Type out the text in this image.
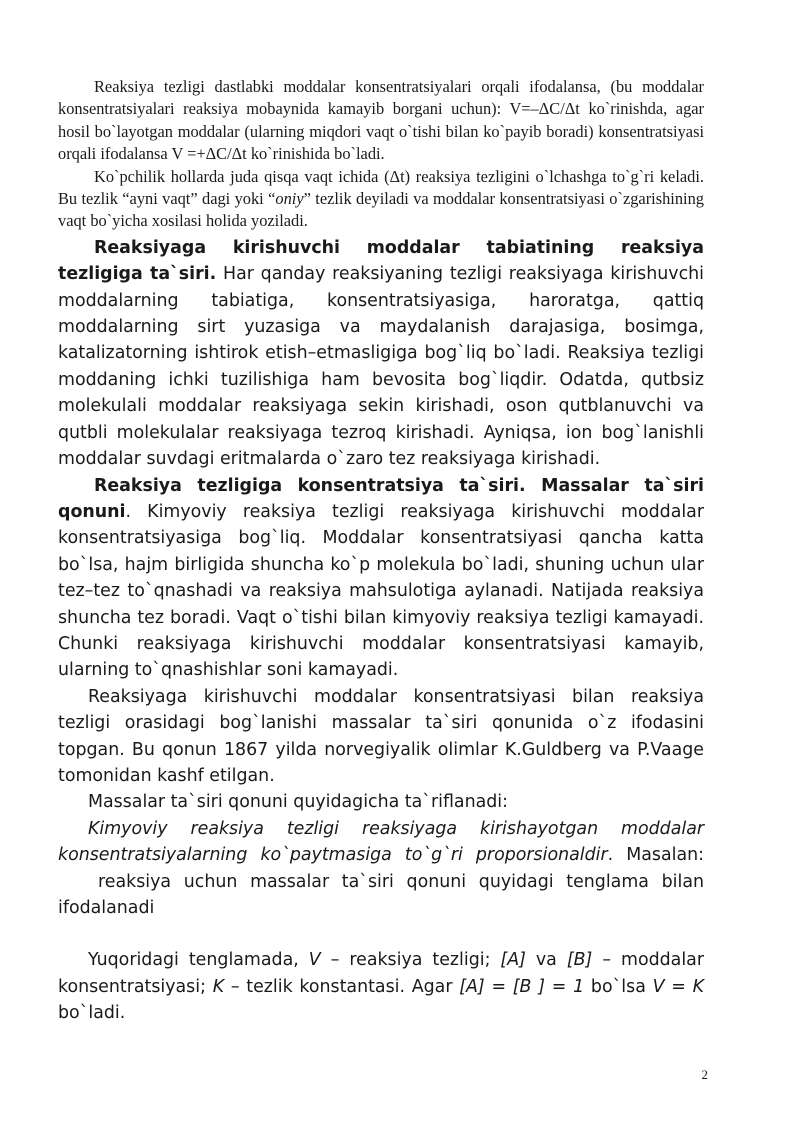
Reaksiya tezligi dastlabki moddalar konsentratsiyalari orqali ifodalansa, (bu moddalar konsentratsiyalari reaksiya mobaynida kamayib borgani uchun): V=–ΔC/Δt ko`rinishda, agar hosil bo`layotgan moddalar (ularning miqdori vaqt o`tishi bilan ko`payib boradi) konsentratsiyasi orqali ifodalansa V =+ΔC/Δt ko`rinishida bo`ladi.

Ko`pchilik hollarda juda qisqa vaqt ichida (Δt) reaksiya tezligini o`lchashga to`g`ri keladi. Bu tezlik “ayni vaqt” dagi yoki “oniy” tezlik deyiladi va moddalar konsentratsiyasi o`zgarishining vaqt bo`yicha xosilasi holida yoziladi.

Reaksiyaga kirishuvchi moddalar tabiatining reaksiya tezligiga ta`siri. Har qanday reaksiyaning tezligi reaksiyaga kirishuvchi moddalarning tabiatiga, konsentratsiyasiga, haroratga, qattiq moddalarning sirt yuzasiga va maydalanish darajasiga, bosimga, katalizatorning ishtirok etish–etmasligiga bog`liq bo`ladi. Reaksiya tezligi moddaning ichki tuzilishiga ham bevosita bog`liqdir. Odatda, qutbsiz molekulali moddalar reaksiyaga sekin kirishadi, oson qutblanuvchi va qutbli molekulalar reaksiyaga tezroq kirishadi. Ayniqsa, ion bog`lanishli moddalar suvdagi eritmalarda o`zaro tez reaksiyaga kirishadi.

Reaksiya tezligiga konsentratsiya ta`siri. Massalar ta`siri qonuni. Kimyoviy reaksiya tezligi reaksiyaga kirishuvchi moddalar konsentratsiyasiga bog`liq. Moddalar konsentratsiyasi qancha katta bo`lsa, hajm birligida shuncha ko`p molekula bo`ladi, shuning uchun ular tez–tez to`qnashadi va reaksiya mahsulotiga aylanadi. Natijada reaksiya shuncha tez boradi. Vaqt o`tishi bilan kimyoviy reaksiya tezligi kamayadi. Chunki reaksiyaga kirishuvchi moddalar konsentratsiyasi kamayib, ularning to`qnashishlar soni kamayadi.

Reaksiyaga kirishuvchi moddalar konsentratsiyasi bilan reaksiya tezligi orasidagi bog`lanishi massalar ta`siri qonunida o`z ifodasini topgan. Bu qonun 1867 yilda norvegiyalik olimlar K.Guldberg va P.Vaage tomonidan kashf etilgan.

Massalar ta`siri qonuni quyidagicha ta`riflanadi:

Kimyoviy reaksiya tezligi reaksiyaga kirishayotgan moddalar konsentratsiyalarning ko`paytmasiga to`g`ri proporsionaldir. Masalan: reaksiya uchun massalar ta`siri qonuni quyidagi tenglama bilan ifodalanadi

Yuqoridagi tenglamada, V – reaksiya tezligi; [A] va [B] – moddalar konsentratsiyasi; K – tezlik konstantasi. Agar [A] = [B ] = 1 bo`lsa V = K bo`ladi.

2
